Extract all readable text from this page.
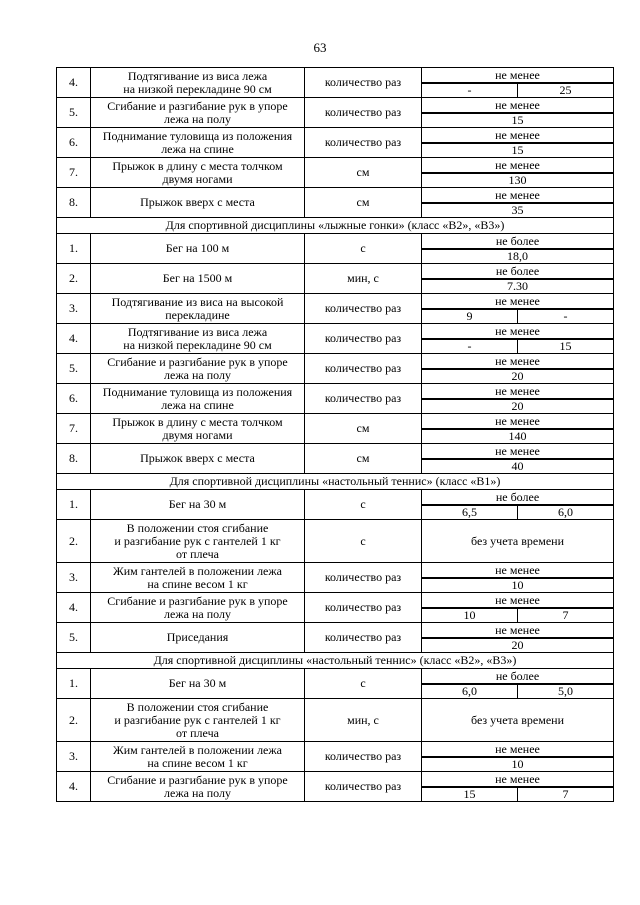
63
4.	Подтягивание из виса лежа
на низкой перекладине 90 см	количество раз	не менее	
			-	25
5.	Сгибание и разгибание рук в упоре
лежа на полу	количество раз	не менее	
			15	
6.	Поднимание туловища из положения
лежа на спине	количество раз	не менее	
			15	
7.	Прыжок в длину с места толчком
двумя ногами	см	не менее	
			130	
8.	Прыжок вверх с места	см	не менее	
			35	
Для спортивной дисциплины «лыжные гонки» (класс «В2», «В3»)				
1.	Бег на 100 м	с	не более	
			18,0	
2.	Бег на 1500 м	мин, с	не более	
			7.30	
3.	Подтягивание из виса на высокой
перекладине	количество раз	не менее	
			9	-
4.	Подтягивание из виса лежа
на низкой перекладине 90 см	количество раз	не менее	
			-	15
5.	Сгибание и разгибание рук в упоре
лежа на полу	количество раз	не менее	
			20	
6.	Поднимание туловища из положения
лежа на спине	количество раз	не менее	
			20	
7.	Прыжок в длину с места толчком
двумя ногами	см	не менее	
			140	
8.	Прыжок вверх с места	см	не менее	
			40	
Для спортивной дисциплины «настольный теннис» (класс «В1»)				
1.	Бег на 30 м	с	не более	
			6,5	6,0
2.	В положении стоя сгибание
и разгибание рук с гантелей 1 кг
от плеча	с	без учета времени	
3.	Жим гантелей в положении лежа
на спине весом 1 кг	количество раз	не менее	
			10	
4.	Сгибание и разгибание рук в упоре
лежа на полу	количество раз	не менее	
			10	7
5.	Приседания	количество раз	не менее	
			20	
Для спортивной дисциплины «настольный теннис» (класс «В2», «В3»)				
1.	Бег на 30 м	с	не более	
			6,0	5,0
2.	В положении стоя сгибание
и разгибание рук с гантелей 1 кг
от плеча	мин, с	без учета времени	
3.	Жим гантелей в положении лежа
на спине весом 1 кг	количество раз	не менее	
			10	
4.	Сгибание и разгибание рук в упоре
лежа на полу	количество раз	не менее	
			15	7
